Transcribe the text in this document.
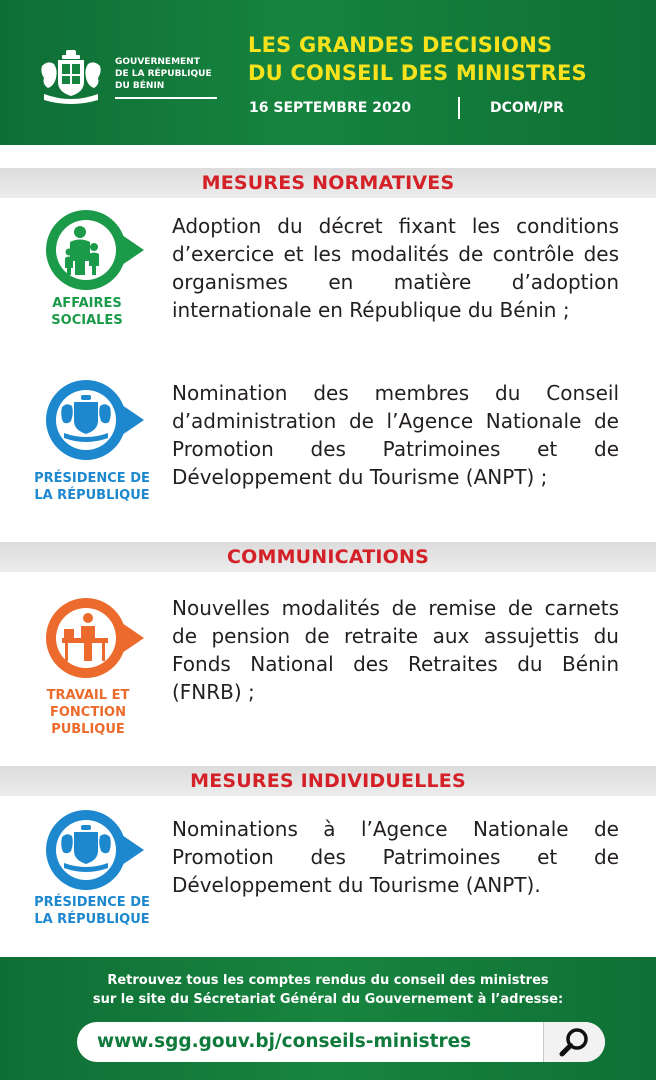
GOUVERNEMENT
DE LA RÉPUBLIQUE
DU BÉNIN
LES GRANDES DECISIONS
DU CONSEIL DES MINISTRES
16 SEPTEMBRE 2020	DCOM/PR
MESURES NORMATIVES
AFFAIRES
SOCIALES
Adoption du décret fixant les conditions d’exercice et les modalités de contrôle des organismes en matière d’adoption internationale en République du Bénin ;
PRÉSIDENCE DE
LA RÉPUBLIQUE
Nomination des membres du Conseil d’administration de l’Agence Nationale de Promotion des Patrimoines et de Développement du Tourisme (ANPT) ;
COMMUNICATIONS
TRAVAIL ET
FONCTION
PUBLIQUE
Nouvelles modalités de remise de carnets de pension de retraite aux assujettis du Fonds National des Retraites du Bénin (FNRB) ;
MESURES INDIVIDUELLES
PRÉSIDENCE DE
LA RÉPUBLIQUE
Nominations à l’Agence Nationale de Promotion des Patrimoines et de Développement du Tourisme (ANPT).
Retrouvez tous les comptes rendus du conseil des ministres
sur le site du Sécretariat Général du Gouvernement à l’adresse:
www.sgg.gouv.bj/conseils-ministres
